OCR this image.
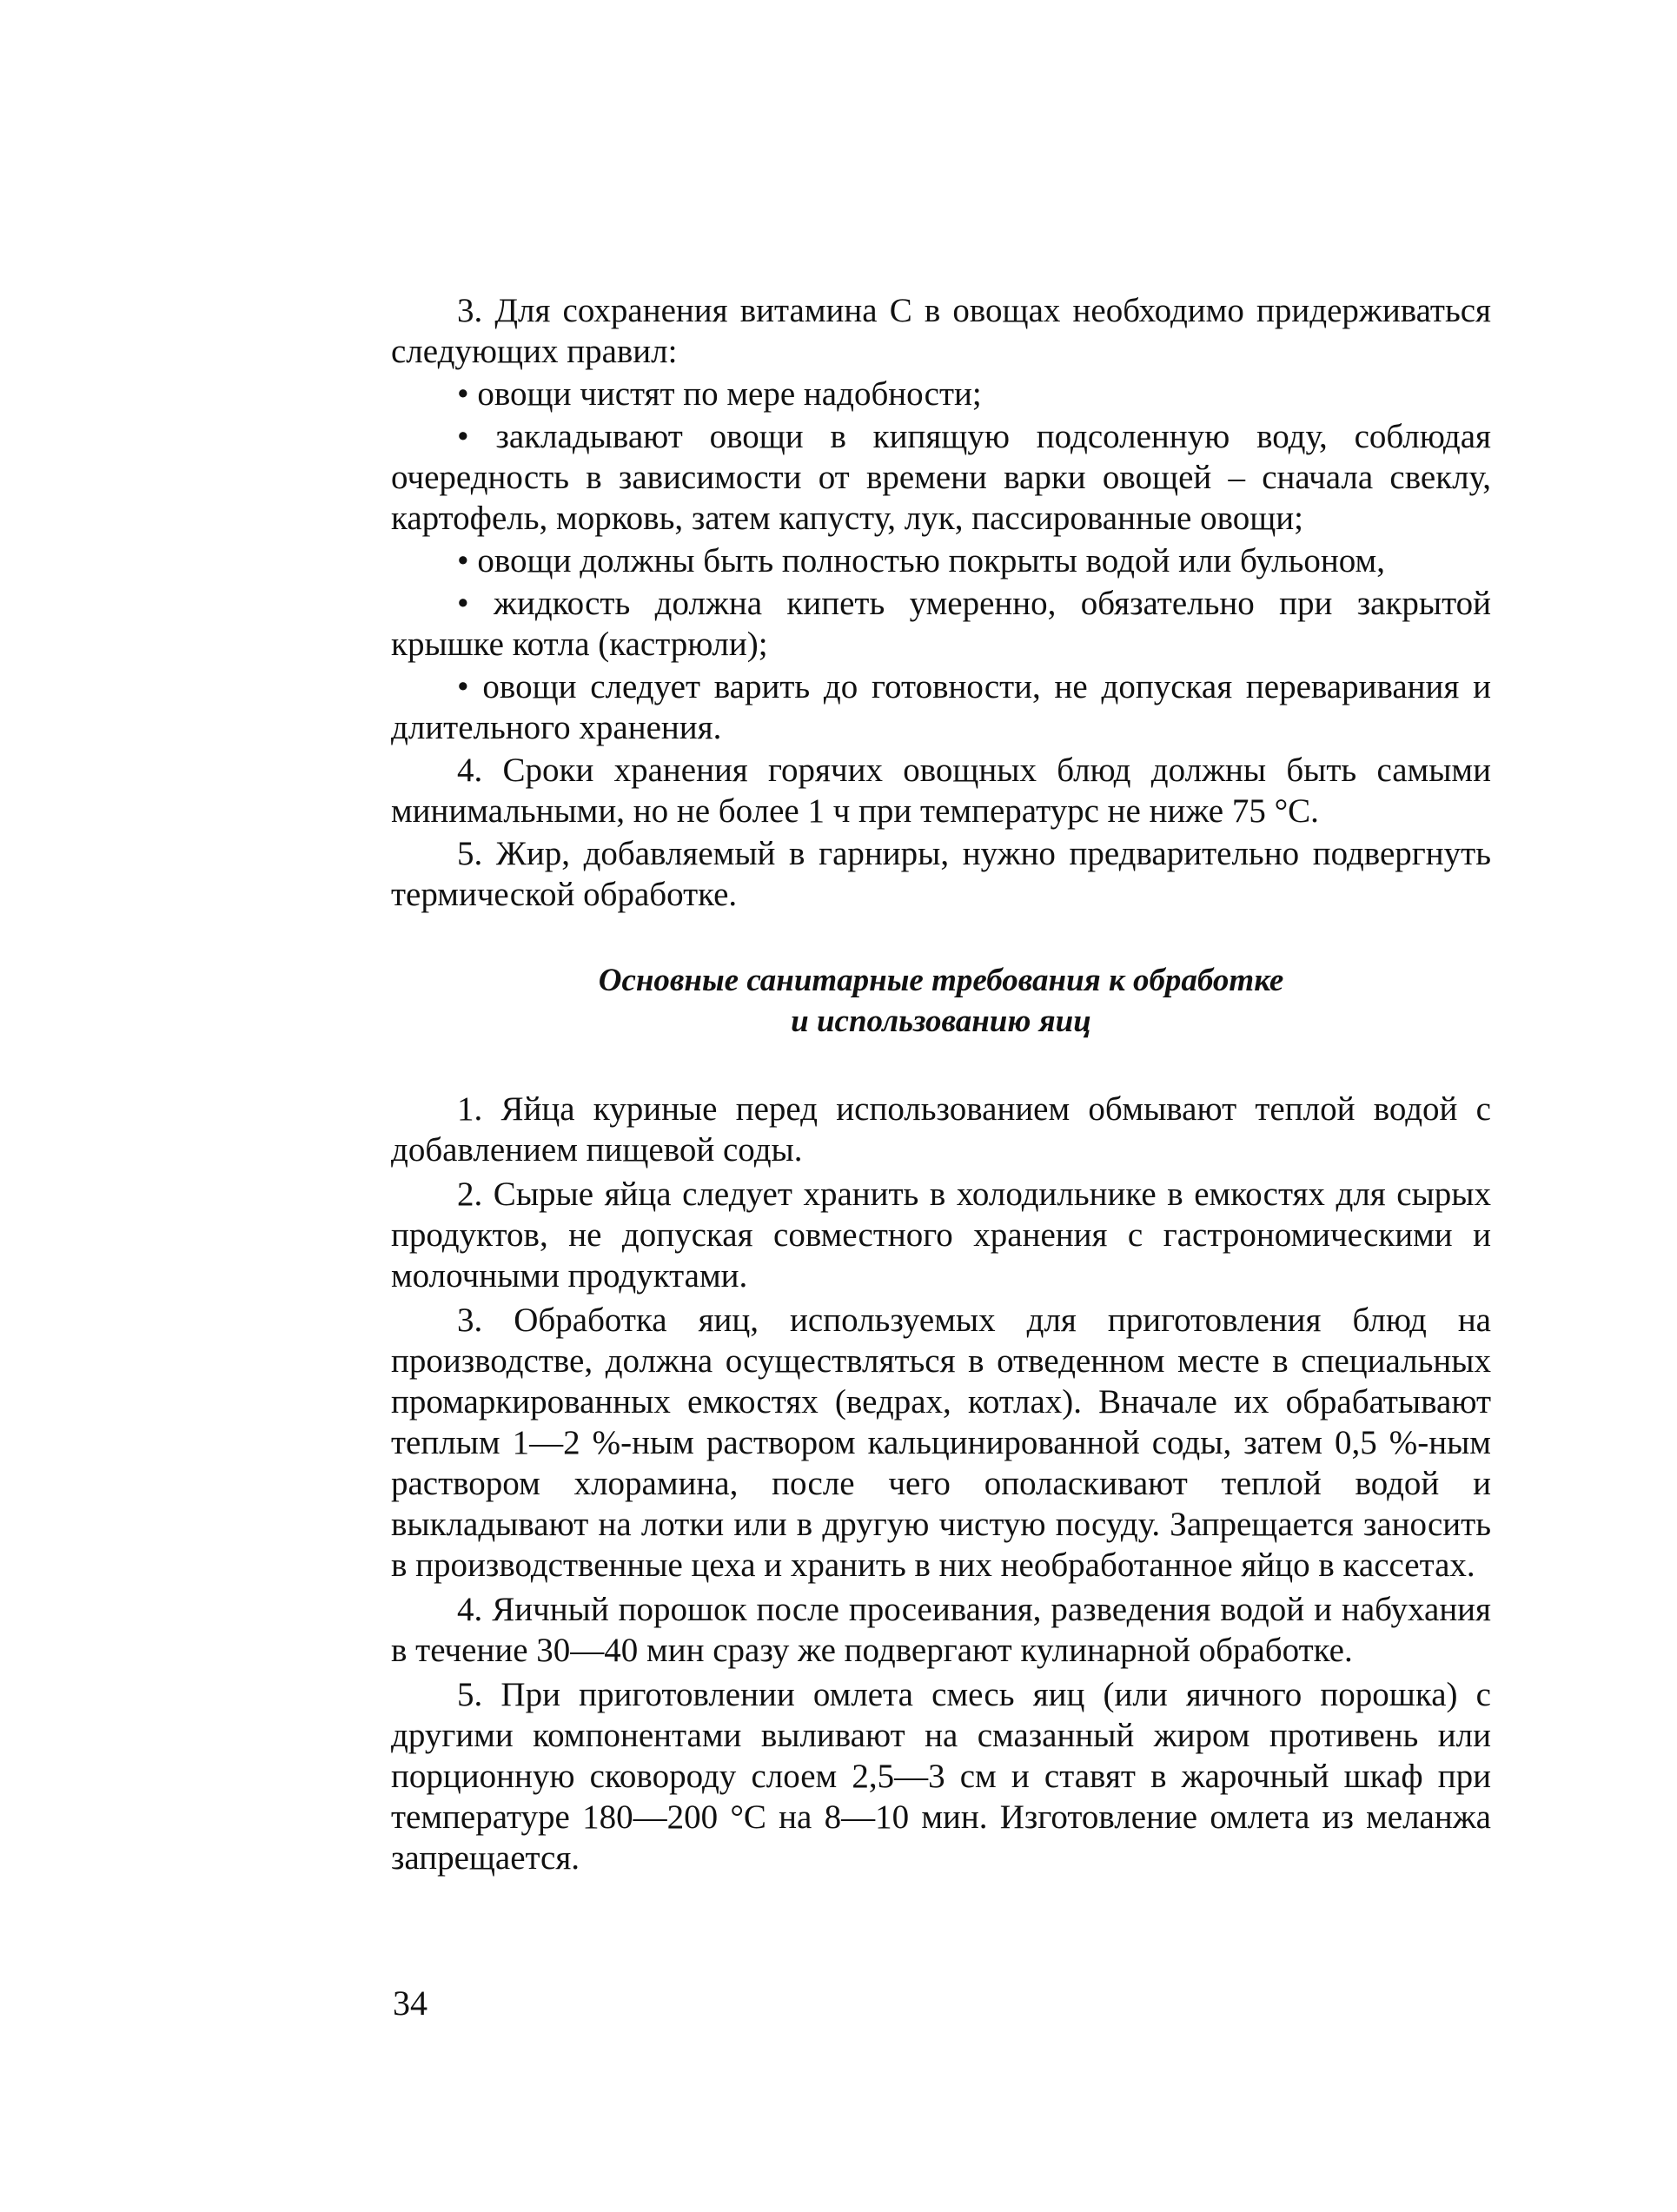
3. Для сохранения витамина С в овощах необходимо придерживаться следующих правил:

• овощи чистят по мере надобности;

• закладывают овощи в кипящую подсоленную воду, соблюдая очередность в зависимости от времени варки овощей – сначала свеклу, картофель, морковь, затем капусту, лук, пассированные овощи;

• овощи должны быть полностью покрыты водой или бульоном,

• жидкость должна кипеть умеренно, обязательно при закрытой крышке котла (кастрюли);

• овощи следует варить до готовности, не допуская переваривания и длительного хранения.

4. Сроки хранения горячих овощных блюд должны быть самыми минимальными, но не более 1 ч при температурс не ниже 75 °С.

5. Жир, добавляемый в гарниры, нужно предварительно подвергнуть термической обработке.

Основные санитарные требования к обработке
и использованию яиц

1. Яйца куриные перед использованием обмывают теплой водой с добавлением пищевой соды.

2. Сырые яйца следует хранить в холодильнике в емкостях для сырых продуктов, не допуская совместного хранения с гастрономическими и молочными продуктами.

3. Обработка яиц, используемых для приготовления блюд на производстве, должна осуществляться в отведенном месте в специальных промаркированных емкостях (ведрах, котлах). Вначале их обрабатывают теплым 1—2 %-ным раствором кальцинированной соды, затем 0,5 %-ным раствором хлорамина, после чего ополаскивают теплой водой и выкладывают на лотки или в другую чистую посуду. Запрещается заносить в производственные цеха и хранить в них необработанное яйцо в кассетах.

4. Яичный порошок после просеивания, разведения водой и набухания в течение 30—40 мин сразу же подвергают кулинарной обработке.

5. При приготовлении омлета смесь яиц (или яичного порошка) с другими компонентами выливают на смазанный жиром противень или порционную сковороду слоем 2,5—3 см и ставят в жарочный шкаф при температуре 180—200 °С на 8—10 мин. Изготовление омлета из меланжа запрещается.

34
